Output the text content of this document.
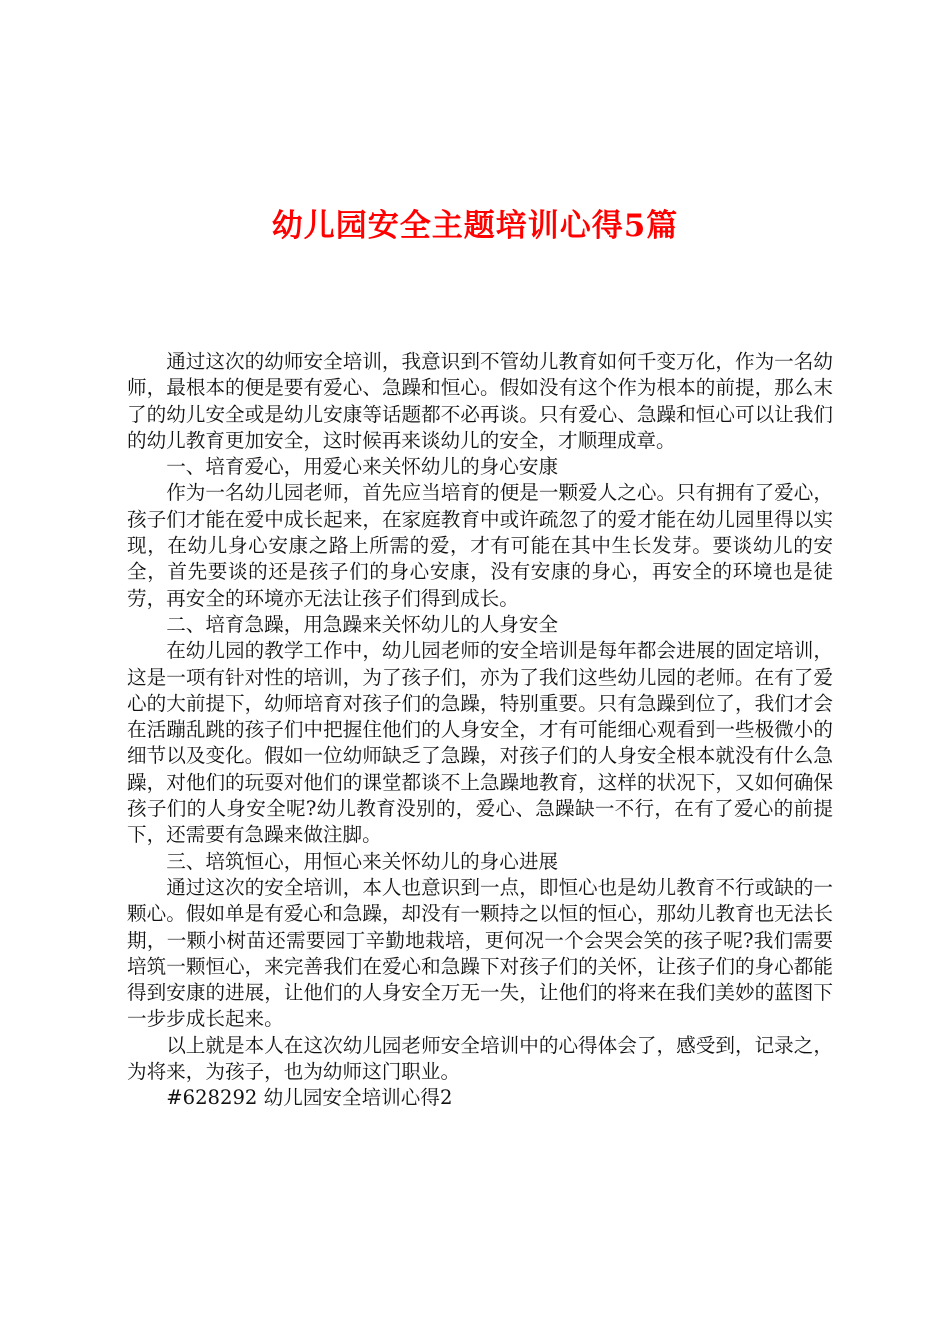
幼儿园安全主题培训心得5篇

通过这次的幼师安全培训，我意识到不管幼儿教育如何千变万化，作为一名幼师，最根本的便是要有爱心、急躁和恒心。假如没有这个作为根本的前提，那么末了的幼儿安全或是幼儿安康等话题都不必再谈。只有爱心、急躁和恒心可以让我们的幼儿教育更加安全，这时候再来谈幼儿的安全，才顺理成章。

一、培育爱心，用爱心来关怀幼儿的身心安康

作为一名幼儿园老师，首先应当培育的便是一颗爱人之心。只有拥有了爱心，孩子们才能在爱中成长起来，在家庭教育中或许疏忽了的爱才能在幼儿园里得以实现，在幼儿身心安康之路上所需的爱，才有可能在其中生长发芽。要谈幼儿的安全，首先要谈的还是孩子们的身心安康，没有安康的身心，再安全的环境也是徒劳，再安全的环境亦无法让孩子们得到成长。

二、培育急躁，用急躁来关怀幼儿的人身安全

在幼儿园的教学工作中，幼儿园老师的安全培训是每年都会进展的固定培训，这是一项有针对性的培训，为了孩子们，亦为了我们这些幼儿园的老师。在有了爱心的大前提下，幼师培育对孩子们的急躁，特别重要。只有急躁到位了，我们才会在活蹦乱跳的孩子们中把握住他们的人身安全，才有可能细心观看到一些极微小的细节以及变化。假如一位幼师缺乏了急躁，对孩子们的人身安全根本就没有什么急躁，对他们的玩耍对他们的课堂都谈不上急躁地教育，这样的状况下，又如何确保孩子们的人身安全呢?幼儿教育没别的，爱心、急躁缺一不行，在有了爱心的前提下，还需要有急躁来做注脚。

三、培筑恒心，用恒心来关怀幼儿的身心进展

通过这次的安全培训，本人也意识到一点，即恒心也是幼儿教育不行或缺的一颗心。假如单是有爱心和急躁，却没有一颗持之以恒的恒心，那幼儿教育也无法长期，一颗小树苗还需要园丁辛勤地栽培，更何况一个会哭会笑的孩子呢?我们需要培筑一颗恒心，来完善我们在爱心和急躁下对孩子们的关怀，让孩子们的身心都能得到安康的进展，让他们的人身安全万无一失，让他们的将来在我们美妙的蓝图下一步步成长起来。

以上就是本人在这次幼儿园老师安全培训中的心得体会了，感受到，记录之，为将来，为孩子，也为幼师这门职业。

#628292 幼儿园安全培训心得2
